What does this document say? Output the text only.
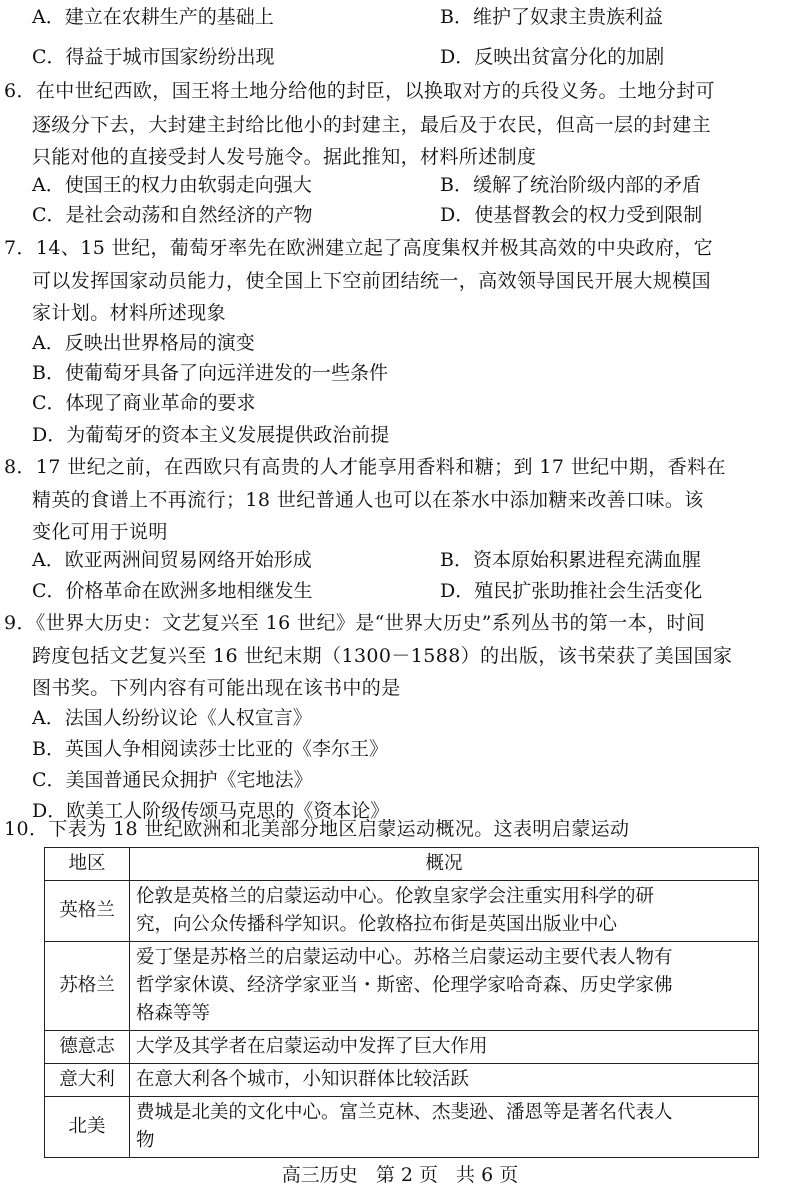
A．建立在农耕生产的基础上	B．维护了奴隶主贵族利益
C．得益于城市国家纷纷出现	D．反映出贫富分化的加剧
6．在中世纪西欧，国王将土地分给他的封臣，以换取对方的兵役义务。土地分封可
逐级分下去，大封建主封给比他小的封建主，最后及于农民，但高一层的封建主
只能对他的直接受封人发号施令。据此推知，材料所述制度
A．使国王的权力由软弱走向强大	B．缓解了统治阶级内部的矛盾
C．是社会动荡和自然经济的产物	D．使基督教会的权力受到限制
7．14、15 世纪，葡萄牙率先在欧洲建立起了高度集权并极其高效的中央政府，它
可以发挥国家动员能力，使全国上下空前团结统一，高效领导国民开展大规模国
家计划。材料所述现象
A．反映出世界格局的演变
B．使葡萄牙具备了向远洋进发的一些条件
C．体现了商业革命的要求
D．为葡萄牙的资本主义发展提供政治前提
8．17 世纪之前，在西欧只有高贵的人才能享用香料和糖；到 17 世纪中期，香料在
精英的食谱上不再流行；18 世纪普通人也可以在茶水中添加糖来改善口味。该
变化可用于说明
A．欧亚两洲间贸易网络开始形成	B．资本原始积累进程充满血腥
C．价格革命在欧洲多地相继发生	D．殖民扩张助推社会生活变化
9．《世界大历史：文艺复兴至 16 世纪》是“世界大历史”系列丛书的第一本，时间
跨度包括文艺复兴至 16 世纪末期（1300－1588）的出版，该书荣获了美国国家
图书奖。下列内容有可能出现在该书中的是
A．法国人纷纷议论《人权宣言》
B．英国人争相阅读莎士比亚的《李尔王》
C．美国普通民众拥护《宅地法》
D．欧美工人阶级传颂马克思的《资本论》
10．下表为 18 世纪欧洲和北美部分地区启蒙运动概况。这表明启蒙运动
地区	概况
英格兰	伦敦是英格兰的启蒙运动中心。伦敦皇家学会注重实用科学的研
究，向公众传播科学知识。伦敦格拉布街是英国出版业中心

苏格兰	爱丁堡是苏格兰的启蒙运动中心。苏格兰启蒙运动主要代表人物有
哲学家休谟、经济学家亚当・斯密、伦理学家哈奇森、历史学家佛
格森等等

德意志	大学及其学者在启蒙运动中发挥了巨大作用

意大利	在意大利各个城市，小知识群体比较活跃

北美	费城是北美的文化中心。富兰克林、杰斐逊、潘恩等是著名代表人
物
高三历史 第 2 页 共 6 页
